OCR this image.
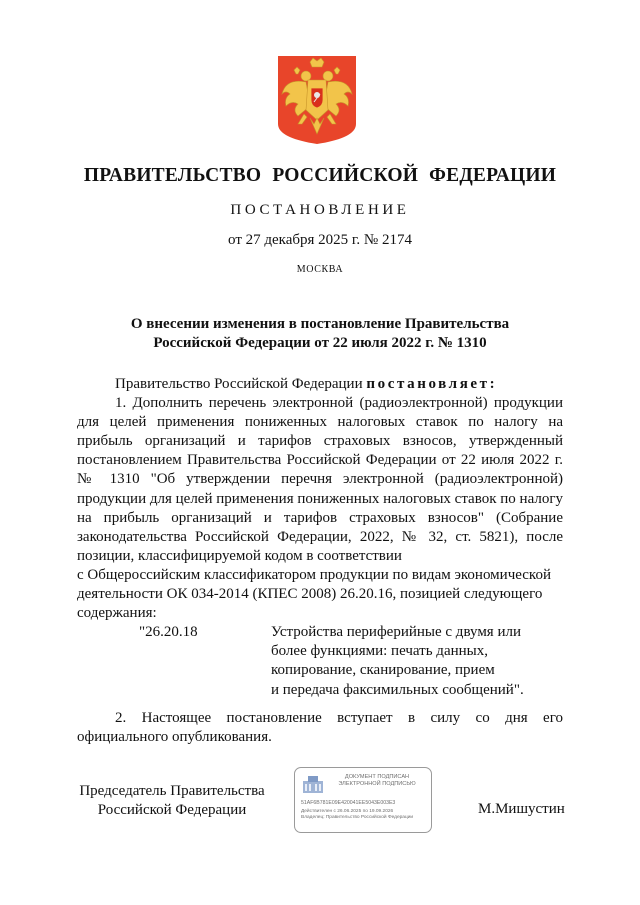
ПРАВИТЕЛЬСТВО РОССИЙСКОЙ ФЕДЕРАЦИИ
ПОСТАНОВЛЕНИЕ
от 27 декабря 2025 г. № 2174
МОСКВА
О внесении изменения в постановление Правительства
Российской Федерации от 22 июля 2022 г. № 1310

Правительство Российской Федерации постановляет:

1. Дополнить перечень электронной (радиоэлектронной) продукции для целей применения пониженных налоговых ставок по налогу на прибыль организаций и тарифов страховых взносов, утвержденный постановлением Правительства Российской Федерации от 22 июля 2022 г. № 1310 "Об утверждении перечня электронной (радиоэлектронной) продукции для целей применения пониженных налоговых ставок по налогу на прибыль организаций и тарифов страховых взносов" (Собрание законодательства Российской Федерации, 2022, № 32, ст. 5821), после позиции, классифицируемой кодом в соответствии

с Общероссийским классификатором продукции по видам экономической деятельности ОК 034-2014 (КПЕС 2008) 26.20.16, позицией следующего содержания:

"26.20.18	Устройства периферийные с двумя или
более функциями: печать данных,
копирование, сканирование, прием
и передача факсимильных сообщений".

2. Настоящее постановление вступает в силу со дня его официального опубликования.

Председатель Правительства
Российской Федерации
ДОКУМЕНТ ПОДПИСАН
ЭЛЕКТРОННОЙ ПОДПИСЬЮ
51AF6B781E09E420041EE5043E003E3
Действителен с 26.06.2025 по 19.09.2026
Владелец: Правительство Российской Федерации
М.Мишустин
